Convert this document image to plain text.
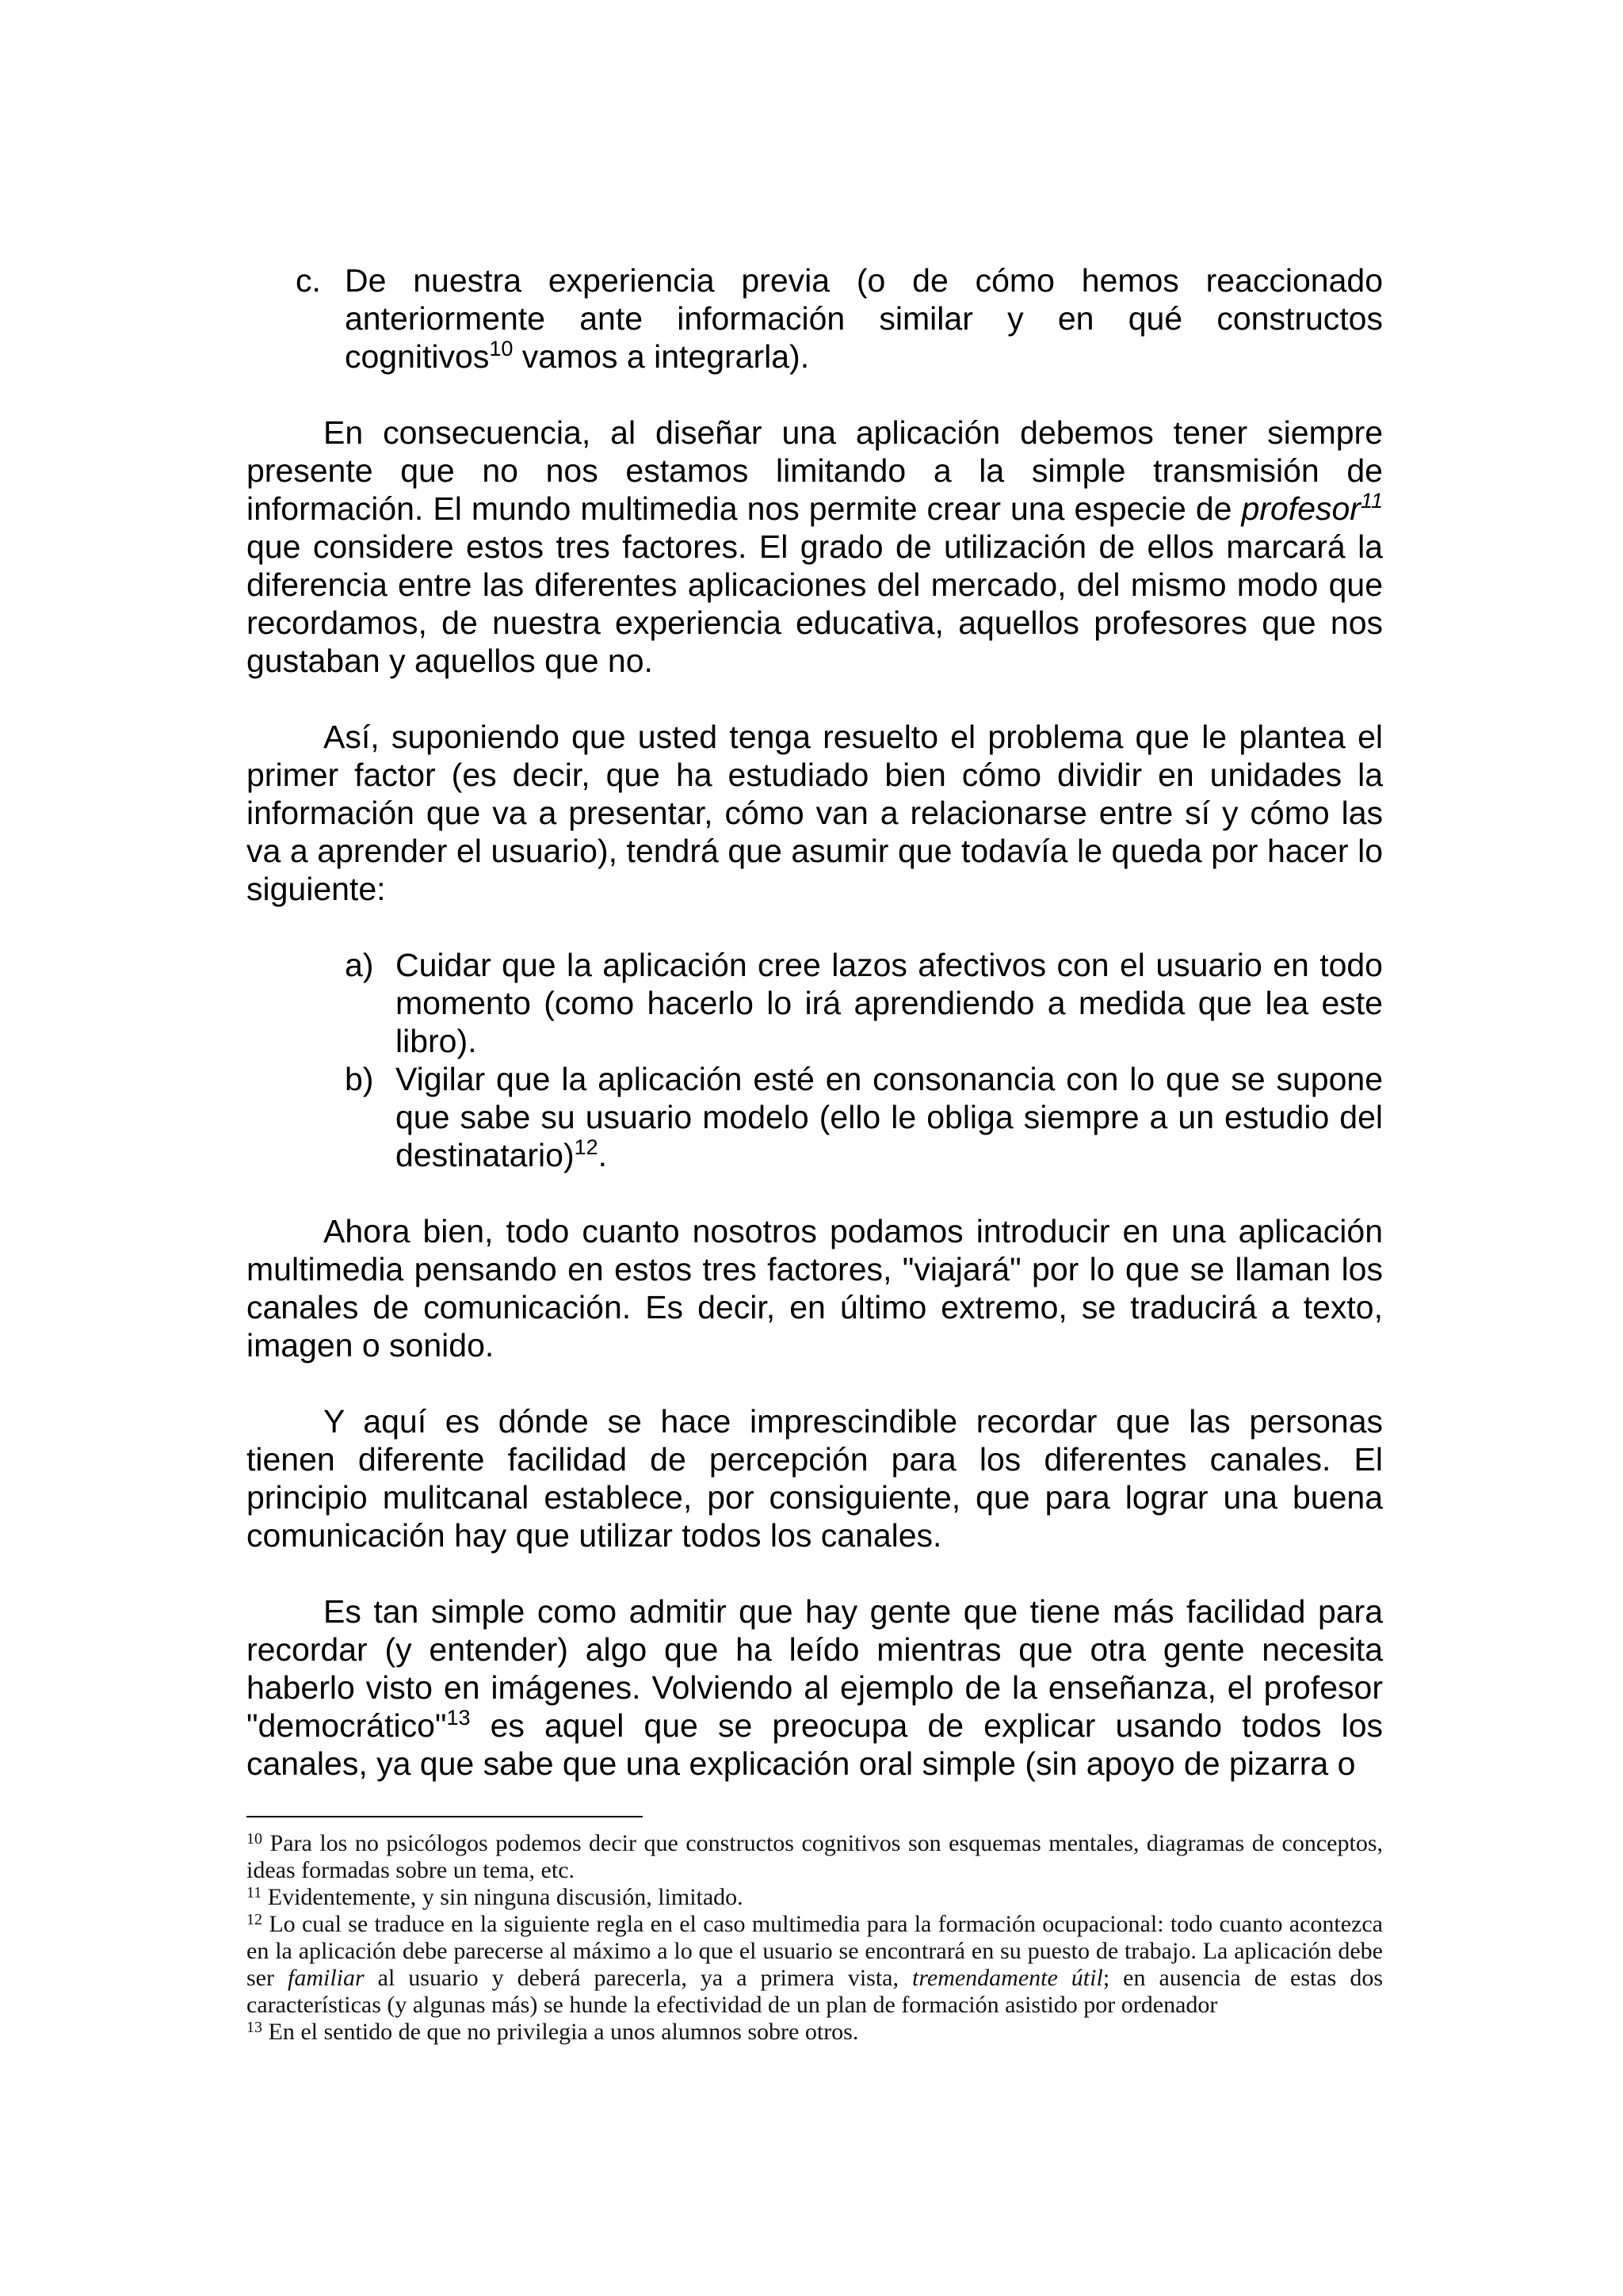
c. De nuestra experiencia previa (o de cómo hemos reaccionado anteriormente ante información similar y en qué constructos cognitivos$^{10}$ vamos a integrarla).

En consecuencia, al diseñar una aplicación debemos tener siempre presente que no nos estamos limitando a la simple transmisión de información. El mundo multimedia nos permite crear una especie de profesor$^{11}$ que considere estos tres factores. El grado de utilización de ellos marcará la diferencia entre las diferentes aplicaciones del mercado, del mismo modo que recordamos, de nuestra experiencia educativa, aquellos profesores que nos gustaban y aquellos que no.

Así, suponiendo que usted tenga resuelto el problema que le plantea el primer factor (es decir, que ha estudiado bien cómo dividir en unidades la información que va a presentar, cómo van a relacionarse entre sí y cómo las va a aprender el usuario), tendrá que asumir que todavía le queda por hacer lo siguiente:

a) Cuidar que la aplicación cree lazos afectivos con el usuario en todo momento (como hacerlo lo irá aprendiendo a medida que lea este libro).
b) Vigilar que la aplicación esté en consonancia con lo que se supone que sabe su usuario modelo (ello le obliga siempre a un estudio del destinatario)$^{12}$.

Ahora bien, todo cuanto nosotros podamos introducir en una aplicación multimedia pensando en estos tres factores, "viajará" por lo que se llaman los canales de comunicación. Es decir, en último extremo, se traducirá a texto, imagen o sonido.

Y aquí es dónde se hace imprescindible recordar que las personas tienen diferente facilidad de percepción para los diferentes canales. El principio mulitcanal establece, por consiguiente, que para lograr una buena comunicación hay que utilizar todos los canales.

Es tan simple como admitir que hay gente que tiene más facilidad para recordar (y entender) algo que ha leído mientras que otra gente necesita haberlo visto en imágenes. Volviendo al ejemplo de la enseñanza, el profesor "democrático"$^{13}$ es aquel que se preocupa de explicar usando todos los canales, ya que sabe que una explicación oral simple (sin apoyo de pizarra o

$^{10}$ Para los no psicólogos podemos decir que constructos cognitivos son esquemas mentales, diagramas de conceptos, ideas formadas sobre un tema, etc.

$^{11}$ Evidentemente, y sin ninguna discusión, limitado.

$^{12}$ Lo cual se traduce en la siguiente regla en el caso multimedia para la formación ocupacional: todo cuanto acontezca en la aplicación debe parecerse al máximo a lo que el usuario se encontrará en su puesto de trabajo. La aplicación debe ser familiar al usuario y deberá parecerla, ya a primera vista, tremendamente útil; en ausencia de estas dos características (y algunas más) se hunde la efectividad de un plan de formación asistido por ordenador

$^{13}$ En el sentido de que no privilegia a unos alumnos sobre otros.
